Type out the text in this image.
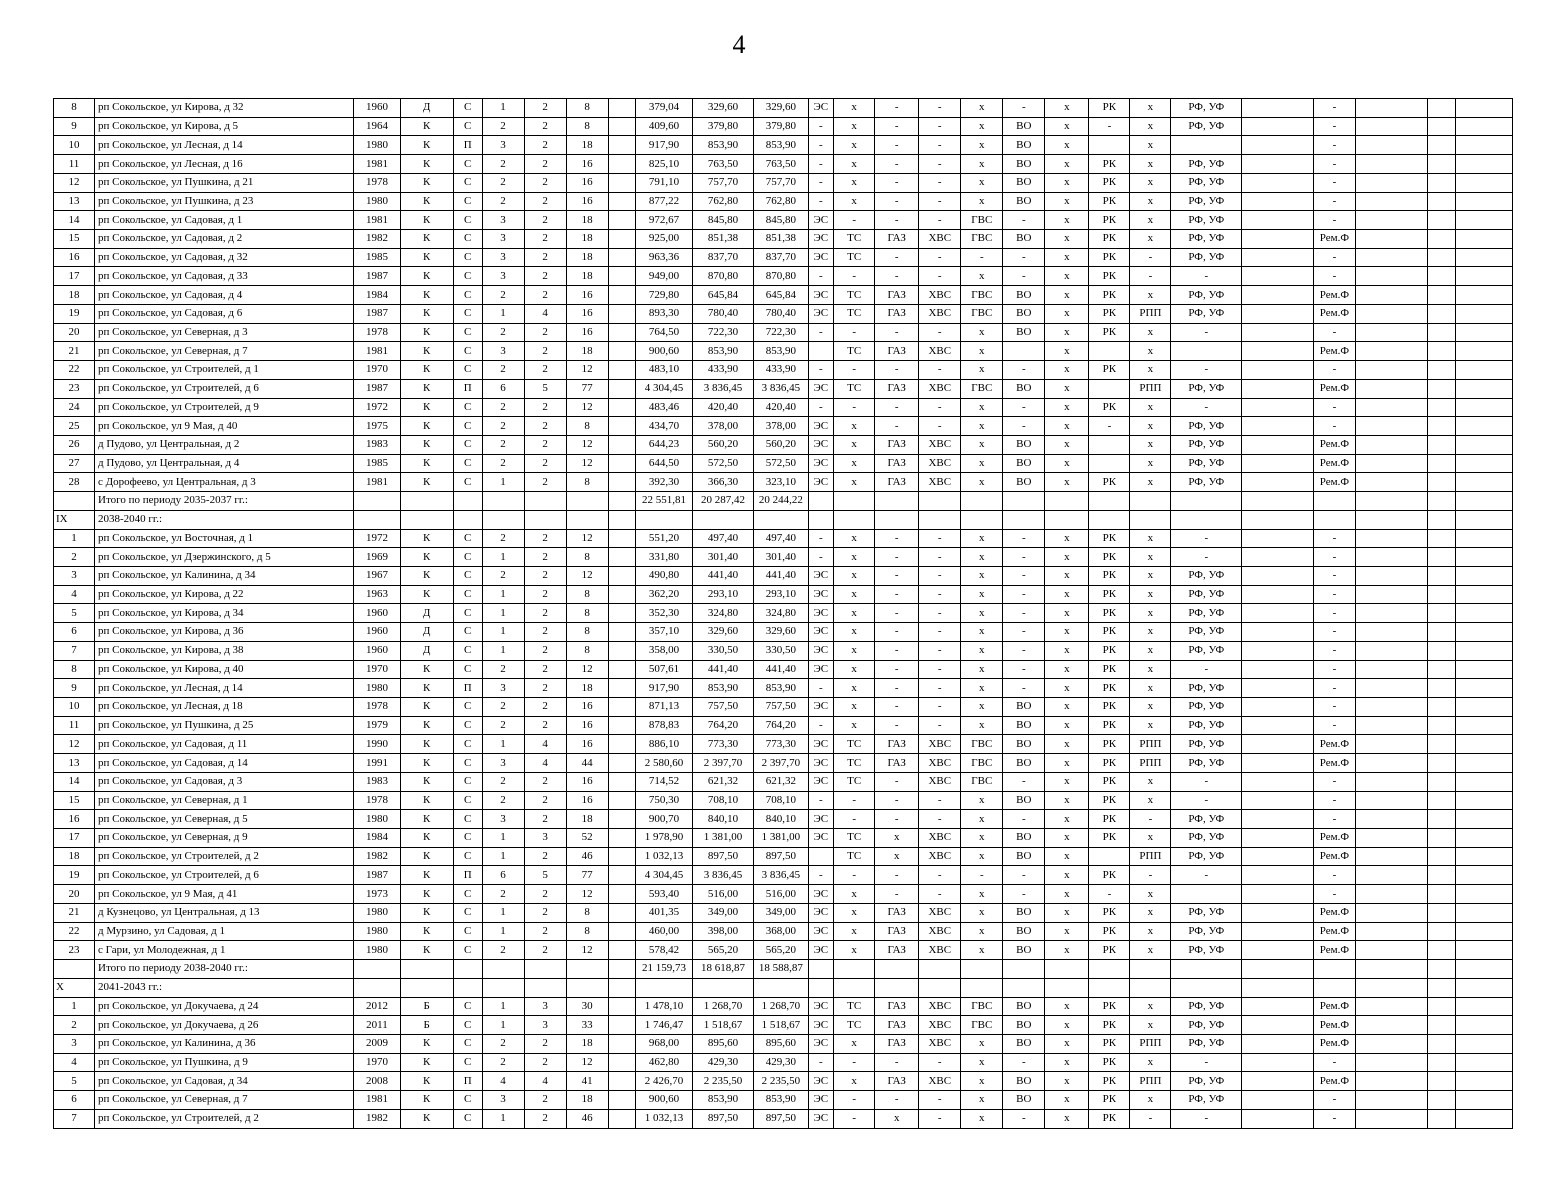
4
8	рп Сокольское, ул Кирова, д 32	1960	Д	С	1	2	8		379,04	329,60	329,60	ЭС	х	-	-	х	-	х	РК	х	РФ, УФ		-			
9	рп Сокольское, ул Кирова, д 5	1964	К	С	2	2	8		409,60	379,80	379,80	-	х	-	-	х	ВО	х	-	х	РФ, УФ		-			
10	рп Сокольское, ул Лесная, д 14	1980	К	П	3	2	18		917,90	853,90	853,90	-	х	-	-	х	ВО	х		х			-			
11	рп Сокольское, ул Лесная, д 16	1981	К	С	2	2	16		825,10	763,50	763,50	-	х	-	-	х	ВО	х	РК	х	РФ, УФ		-			
12	рп Сокольское, ул Пушкина, д 21	1978	К	С	2	2	16		791,10	757,70	757,70	-	х	-	-	х	ВО	х	РК	х	РФ, УФ		-			
13	рп Сокольское, ул Пушкина, д 23	1980	К	С	2	2	16		877,22	762,80	762,80	-	х	-	-	х	ВО	х	РК	х	РФ, УФ		-			
14	рп Сокольское, ул Садовая, д 1	1981	К	С	3	2	18		972,67	845,80	845,80	ЭС	-	-	-	ГВС	-	х	РК	х	РФ, УФ		-			
15	рп Сокольское, ул Садовая, д 2	1982	К	С	3	2	18		925,00	851,38	851,38	ЭС	ТС	ГАЗ	ХВС	ГВС	ВО	х	РК	х	РФ, УФ		Рем.Ф			
16	рп Сокольское, ул Садовая, д 32	1985	К	С	3	2	18		963,36	837,70	837,70	ЭС	ТС	-	-	-	-	х	РК	-	РФ, УФ		-			
17	рп Сокольское, ул Садовая, д 33	1987	К	С	3	2	18		949,00	870,80	870,80	-	-	-	-	х	-	х	РК	-	-		-			
18	рп Сокольское, ул Садовая, д 4	1984	К	С	2	2	16		729,80	645,84	645,84	ЭС	ТС	ГАЗ	ХВС	ГВС	ВО	х	РК	х	РФ, УФ		Рем.Ф			
19	рп Сокольское, ул Садовая, д 6	1987	К	С	1	4	16		893,30	780,40	780,40	ЭС	ТС	ГАЗ	ХВС	ГВС	ВО	х	РК	РПП	РФ, УФ		Рем.Ф			
20	рп Сокольское, ул Северная, д 3	1978	К	С	2	2	16		764,50	722,30	722,30	-	-	-	-	х	ВО	х	РК	х	-		-			
21	рп Сокольское, ул Северная, д 7	1981	К	С	3	2	18		900,60	853,90	853,90		ТС	ГАЗ	ХВС	х		х		х			Рем.Ф			
22	рп Сокольское, ул Строителей, д 1	1970	К	С	2	2	12		483,10	433,90	433,90	-	-	-	-	х	-	х	РК	х	-		-			
23	рп Сокольское, ул Строителей, д 6	1987	К	П	6	5	77		4 304,45	3 836,45	3 836,45	ЭС	ТС	ГАЗ	ХВС	ГВС	ВО	х		РПП	РФ, УФ		Рем.Ф			
24	рп Сокольское, ул Строителей, д 9	1972	К	С	2	2	12		483,46	420,40	420,40	-	-	-	-	х	-	х	РК	х	-		-			
25	рп Сокольское, ул 9 Мая, д 40	1975	К	С	2	2	8		434,70	378,00	378,00	ЭС	х	-	-	х	-	х	-	х	РФ, УФ		-			
26	д Пудово, ул Центральная, д 2	1983	К	С	2	2	12		644,23	560,20	560,20	ЭС	х	ГАЗ	ХВС	х	ВО	х		х	РФ, УФ		Рем.Ф			
27	д Пудово, ул Центральная, д 4	1985	К	С	2	2	12		644,50	572,50	572,50	ЭС	х	ГАЗ	ХВС	х	ВО	х		х	РФ, УФ		Рем.Ф			
28	с Дорофеево, ул Центральная, д 3	1981	К	С	1	2	8		392,30	366,30	323,10	ЭС	х	ГАЗ	ХВС	х	ВО	х	РК	х	РФ, УФ		Рем.Ф			
	Итого по периоду 2035-2037 гг.:								22 551,81	20 287,42	20 244,22															
IX	2038-2040 гг.:																									
1	рп Сокольское, ул Восточная, д 1	1972	К	С	2	2	12		551,20	497,40	497,40	-	х	-	-	х	-	х	РК	х	-		-			
2	рп Сокольское, ул Дзержинского, д 5	1969	К	С	1	2	8		331,80	301,40	301,40	-	х	-	-	х	-	х	РК	х	-		-			
3	рп Сокольское, ул Калинина, д 34	1967	К	С	2	2	12		490,80	441,40	441,40	ЭС	х	-	-	х	-	х	РК	х	РФ, УФ		-			
4	рп Сокольское, ул Кирова, д 22	1963	К	С	1	2	8		362,20	293,10	293,10	ЭС	х	-	-	х	-	х	РК	х	РФ, УФ		-			
5	рп Сокольское, ул Кирова, д 34	1960	Д	С	1	2	8		352,30	324,80	324,80	ЭС	х	-	-	х	-	х	РК	х	РФ, УФ		-			
6	рп Сокольское, ул Кирова, д 36	1960	Д	С	1	2	8		357,10	329,60	329,60	ЭС	х	-	-	х	-	х	РК	х	РФ, УФ		-			
7	рп Сокольское, ул Кирова, д 38	1960	Д	С	1	2	8		358,00	330,50	330,50	ЭС	х	-	-	х	-	х	РК	х	РФ, УФ		-			
8	рп Сокольское, ул Кирова, д 40	1970	К	С	2	2	12		507,61	441,40	441,40	ЭС	х	-	-	х	-	х	РК	х	-		-			
9	рп Сокольское, ул Лесная, д 14	1980	К	П	3	2	18		917,90	853,90	853,90	-	х	-	-	х	-	х	РК	х	РФ, УФ		-			
10	рп Сокольское, ул Лесная, д 18	1978	К	С	2	2	16		871,13	757,50	757,50	ЭС	х	-	-	х	ВО	х	РК	х	РФ, УФ		-			
11	рп Сокольское, ул Пушкина, д 25	1979	К	С	2	2	16		878,83	764,20	764,20	-	х	-	-	х	ВО	х	РК	х	РФ, УФ		-			
12	рп Сокольское, ул Садовая, д 11	1990	К	С	1	4	16		886,10	773,30	773,30	ЭС	ТС	ГАЗ	ХВС	ГВС	ВО	х	РК	РПП	РФ, УФ		Рем.Ф			
13	рп Сокольское, ул Садовая, д 14	1991	К	С	3	4	44		2 580,60	2 397,70	2 397,70	ЭС	ТС	ГАЗ	ХВС	ГВС	ВО	х	РК	РПП	РФ, УФ		Рем.Ф			
14	рп Сокольское, ул Садовая, д 3	1983	К	С	2	2	16		714,52	621,32	621,32	ЭС	ТС	-	ХВС	ГВС	-	х	РК	х	-		-			
15	рп Сокольское, ул Северная, д 1	1978	К	С	2	2	16		750,30	708,10	708,10	-	-	-	-	х	ВО	х	РК	х	-		-			
16	рп Сокольское, ул Северная, д 5	1980	К	С	3	2	18		900,70	840,10	840,10	ЭС	-	-	-	х	-	х	РК	-	РФ, УФ		-			
17	рп Сокольское, ул Северная, д 9	1984	К	С	1	3	52		1 978,90	1 381,00	1 381,00	ЭС	ТС	х	ХВС	х	ВО	х	РК	х	РФ, УФ		Рем.Ф			
18	рп Сокольское, ул Строителей, д 2	1982	К	С	1	2	46		1 032,13	897,50	897,50		ТС	х	ХВС	х	ВО	х		РПП	РФ, УФ		Рем.Ф			
19	рп Сокольское, ул Строителей, д 6	1987	К	П	6	5	77		4 304,45	3 836,45	3 836,45	-	-	-	-	-	-	х	РК	-	-		-			
20	рп Сокольское, ул 9 Мая, д 41	1973	К	С	2	2	12		593,40	516,00	516,00	ЭС	х	-	-	х	-	х	-	х			-			
21	д Кузнецово, ул Центральная, д 13	1980	К	С	1	2	8		401,35	349,00	349,00	ЭС	х	ГАЗ	ХВС	х	ВО	х	РК	х	РФ, УФ		Рем.Ф			
22	д Мурзино, ул Садовая, д 1	1980	К	С	1	2	8		460,00	398,00	368,00	ЭС	х	ГАЗ	ХВС	х	ВО	х	РК	х	РФ, УФ		Рем.Ф			
23	с Гари, ул Молодежная, д 1	1980	К	С	2	2	12		578,42	565,20	565,20	ЭС	х	ГАЗ	ХВС	х	ВО	х	РК	х	РФ, УФ		Рем.Ф			
	Итого по периоду 2038-2040 гг.:								21 159,73	18 618,87	18 588,87															
X	2041-2043 гг.:																									
1	рп Сокольское, ул Докучаева, д 24	2012	Б	С	1	3	30		1 478,10	1 268,70	1 268,70	ЭС	ТС	ГАЗ	ХВС	ГВС	ВО	х	РК	х	РФ, УФ		Рем.Ф			
2	рп Сокольское, ул Докучаева, д 26	2011	Б	С	1	3	33		1 746,47	1 518,67	1 518,67	ЭС	ТС	ГАЗ	ХВС	ГВС	ВО	х	РК	х	РФ, УФ		Рем.Ф			
3	рп Сокольское, ул Калинина, д 36	2009	К	С	2	2	18		968,00	895,60	895,60	ЭС	х	ГАЗ	ХВС	х	ВО	х	РК	РПП	РФ, УФ		Рем.Ф			
4	рп Сокольское, ул Пушкина, д 9	1970	К	С	2	2	12		462,80	429,30	429,30	-	-	-	-	х	-	х	РК	х	-		-			
5	рп Сокольское, ул Садовая, д 34	2008	К	П	4	4	41		2 426,70	2 235,50	2 235,50	ЭС	х	ГАЗ	ХВС	х	ВО	х	РК	РПП	РФ, УФ		Рем.Ф			
6	рп Сокольское, ул Северная, д 7	1981	К	С	3	2	18		900,60	853,90	853,90	ЭС	-	-	-	х	ВО	х	РК	х	РФ, УФ		-			
7	рп Сокольское, ул Строителей, д 2	1982	К	С	1	2	46		1 032,13	897,50	897,50	ЭС	-	х	-	х	-	х	РК	-	-		-			
